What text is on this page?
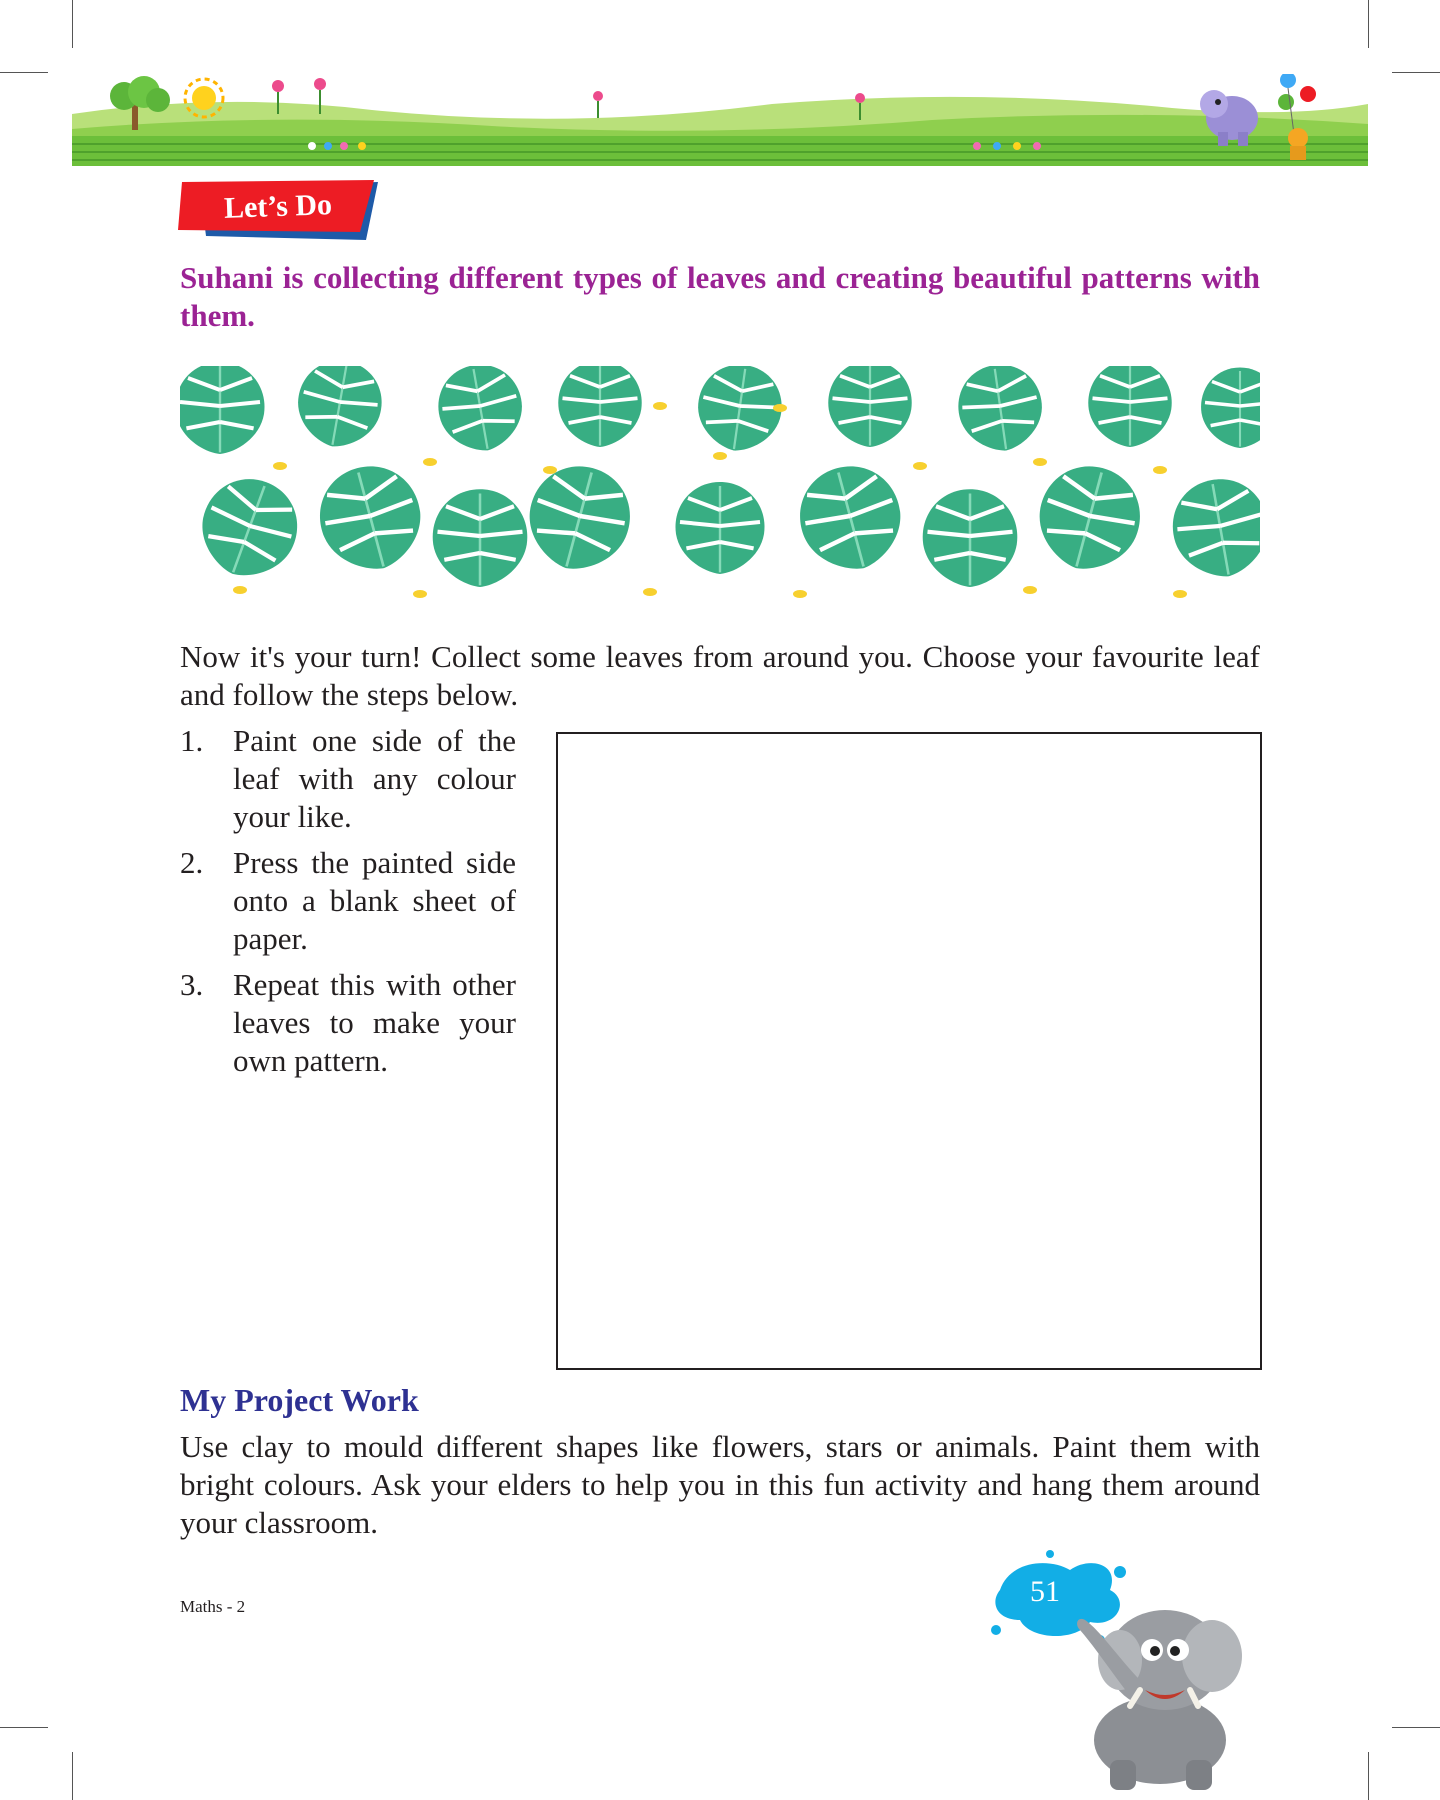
Let’s Do
Suhani is collecting different types of leaves and creating beautiful patterns with them.
Now it's your turn! Collect some leaves from around you. Choose your favourite leaf and follow the steps below.
1. Paint one side of the leaf with any colour your like.
2. Press the painted side onto a blank sheet of paper.
3. Repeat this with other leaves to make your own pattern.
My Project Work
Use clay to mould different shapes like flowers, stars or animals. Paint them with bright colours. Ask your elders to help you in this fun activity and hang them around your classroom.
Maths - 2	51
